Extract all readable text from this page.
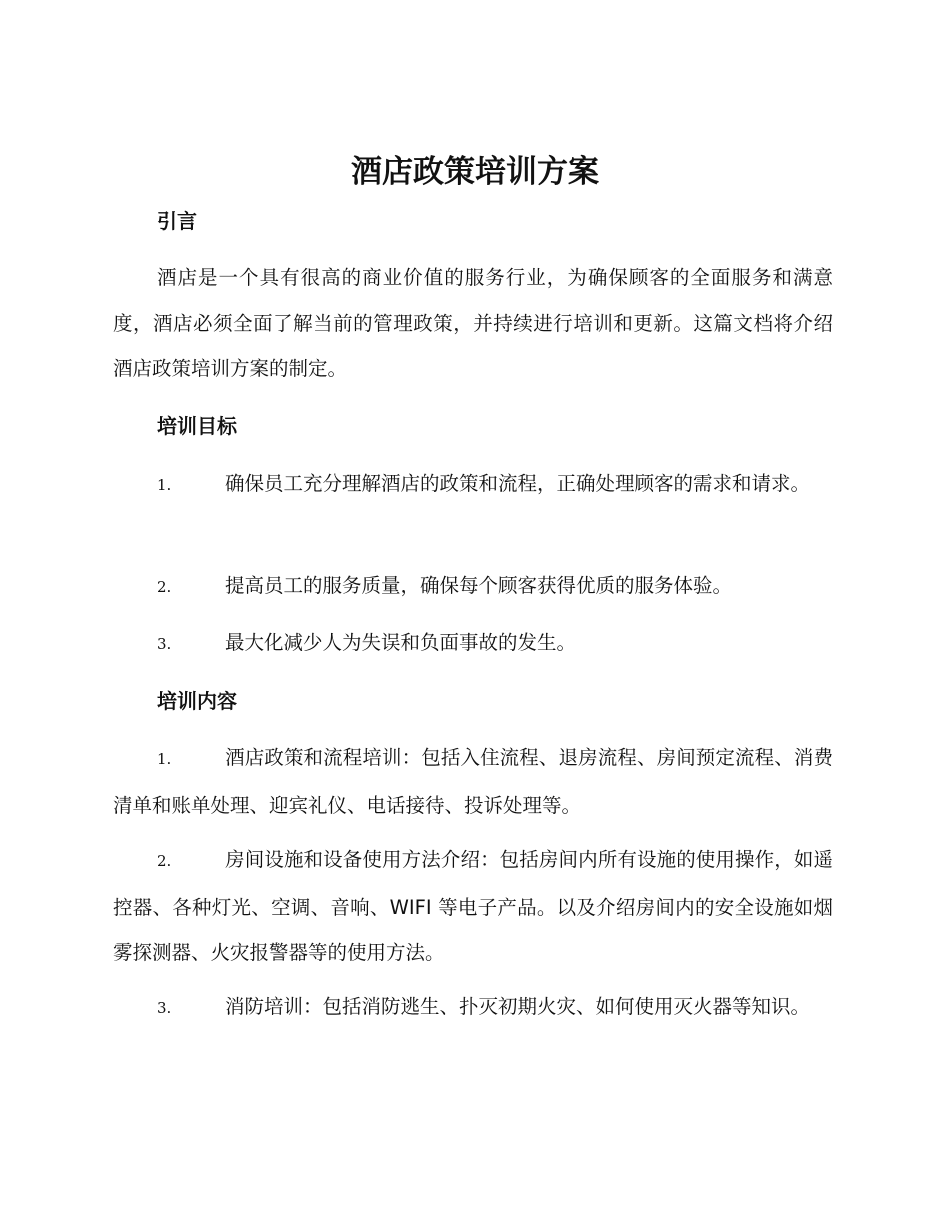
酒店政策培训方案
引言

酒店是一个具有很高的商业价值的服务行业，为确保顾客的全面服务和满意度，酒店必须全面了解当前的管理政策，并持续进行培训和更新。这篇文档将介绍酒店政策培训方案的制定。

培训目标

1.	确保员工充分理解酒店的政策和流程，正确处理顾客的需求和请求。

2.	提高员工的服务质量，确保每个顾客获得优质的服务体验。

3.	最大化减少人为失误和负面事故的发生。

培训内容

1.	酒店政策和流程培训：包括入住流程、退房流程、房间预定流程、消费清单和账单处理、迎宾礼仪、电话接待、投诉处理等。

2.	房间设施和设备使用方法介绍：包括房间内所有设施的使用操作，如遥控器、各种灯光、空调、音响、WIFI 等电子产品。以及介绍房间内的安全设施如烟雾探测器、火灾报警器等的使用方法。

3.	消防培训：包括消防逃生、扑灭初期火灾、如何使用灭火器等知识。
